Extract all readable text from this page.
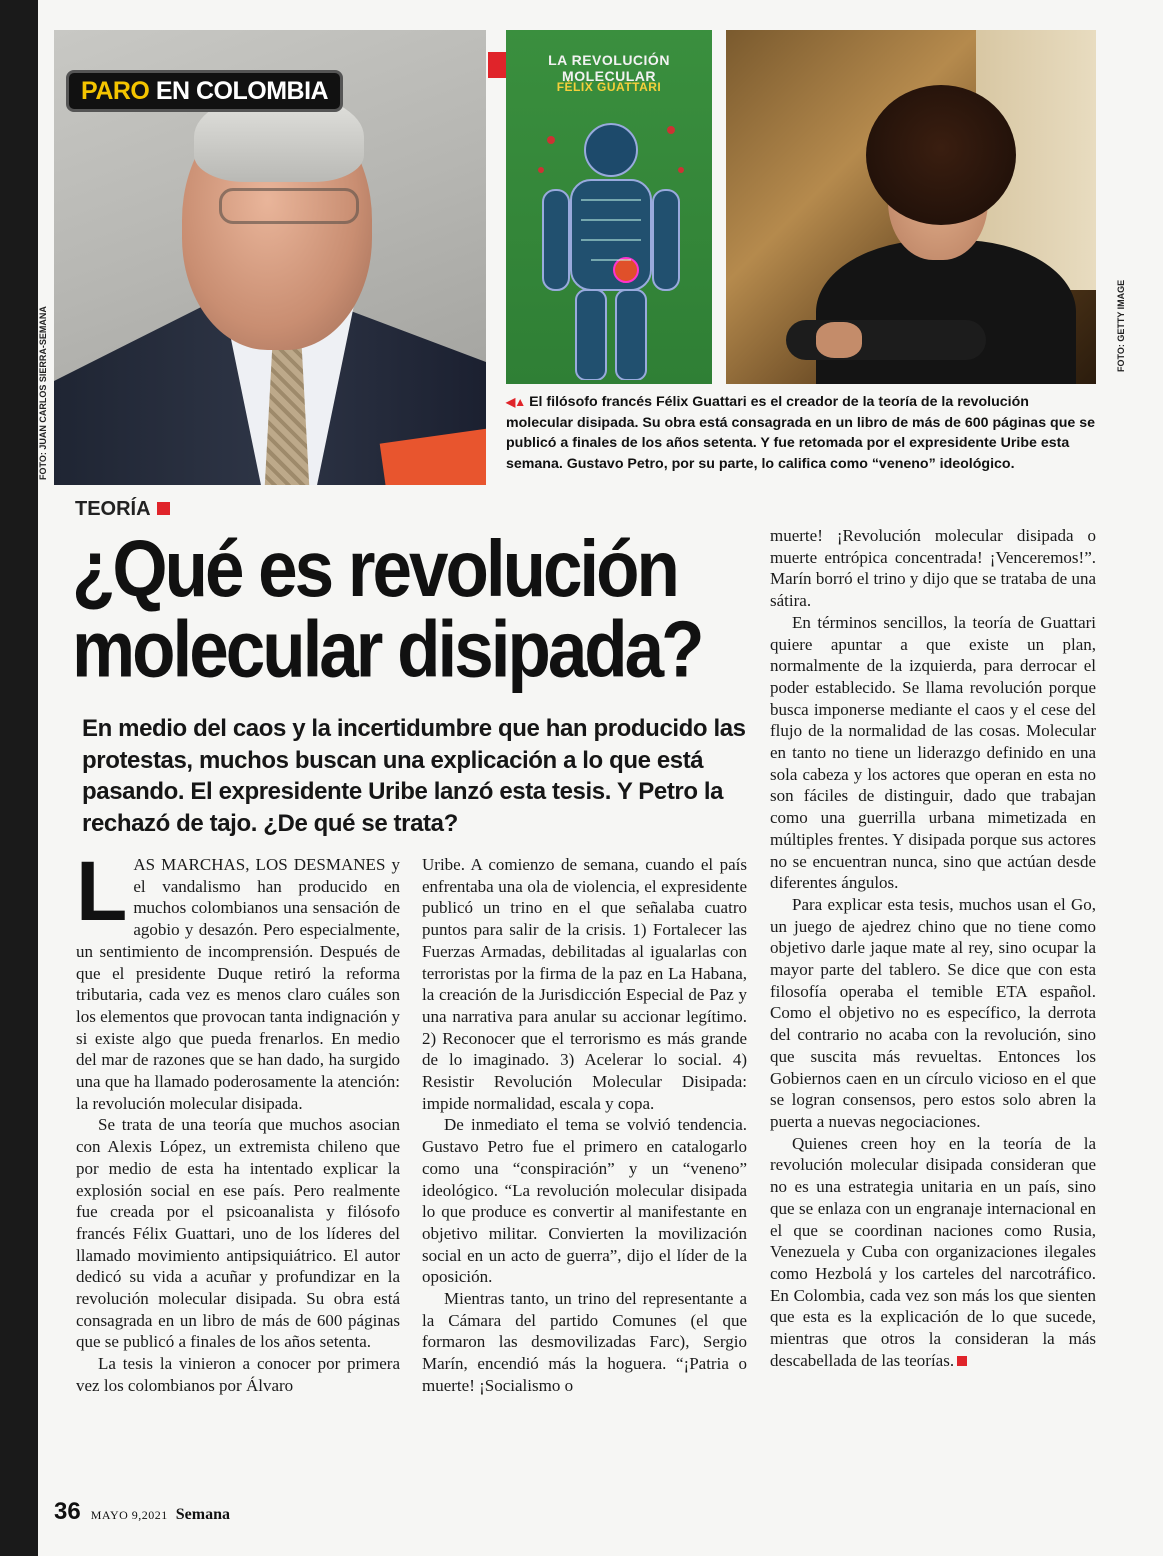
PARO EN COLOMBIA
FOTO: JUAN CARLOS SIERRA-SEMANA
LA REVOLUCIÓN MOLECULAR
FÉLIX GUATTARI
FOTO: GETTY IMAGE
◀▲ El filósofo francés Félix Guattari es el creador de la teoría de la revolución molecular disipada. Su obra está consagrada en un libro de más de 600 páginas que se publicó a finales de los años setenta. Y fue retomada por el expresidente Uribe esta semana. Gustavo Petro, por su parte, lo califica como “veneno” ideológico.
TEORÍA
¿Qué es revolución molecular disipada?
En medio del caos y la incertidumbre que han producido las protestas, muchos buscan una explicación a lo que está pasando. El expresidente Uribe lanzó esta tesis. Y Petro la rechazó de tajo. ¿De qué se trata?

LAS MARCHAS, LOS DESMANES y el vandalismo han producido en muchos colombianos una sensación de agobio y desazón. Pero especialmente, un sentimiento de incomprensión. Después de que el presidente Duque retiró la reforma tributaria, cada vez es menos claro cuáles son los elementos que provocan tanta indignación y si existe algo que pueda frenarlos. En medio del mar de razones que se han dado, ha surgido una que ha llamado poderosamente la atención: la revolución molecular disipada.

Se trata de una teoría que muchos asocian con Alexis López, un extremista chileno que por medio de esta ha intentado explicar la explosión social en ese país. Pero realmente fue creada por el psicoanalista y filósofo francés Félix Guattari, uno de los líderes del llamado movimiento antipsiquiátrico. El autor dedicó su vida a acuñar y profundizar en la revolución molecular disipada. Su obra está consagrada en un libro de más de 600 páginas que se publicó a finales de los años setenta.

La tesis la vinieron a conocer por primera vez los colombianos por Álvaro

Uribe. A comienzo de semana, cuando el país enfrentaba una ola de violencia, el expresidente publicó un trino en el que señalaba cuatro puntos para salir de la crisis. 1) Fortalecer las Fuerzas Armadas, debilitadas al igualarlas con terroristas por la firma de la paz en La Habana, la creación de la Jurisdicción Especial de Paz y una narrativa para anular su accionar legítimo. 2) Reconocer que el terrorismo es más grande de lo imaginado. 3) Acelerar lo social. 4) Resistir Revolución Molecular Disipada: impide normalidad, escala y copa.

De inmediato el tema se volvió tendencia. Gustavo Petro fue el primero en catalogarlo como una “conspiración” y un “veneno” ideológico. “La revolución molecular disipada lo que produce es convertir al manifestante en objetivo militar. Convierten la movilización social en un acto de guerra”, dijo el líder de la oposición.

Mientras tanto, un trino del representante a la Cámara del partido Comunes (el que formaron las desmovilizadas Farc), Sergio Marín, encendió más la hoguera. “¡Patria o muerte! ¡Socialismo o

muerte! ¡Revolución molecular disipada o muerte entrópica concentrada! ¡Venceremos!”. Marín borró el trino y dijo que se trataba de una sátira.

En términos sencillos, la teoría de Guattari quiere apuntar a que existe un plan, normalmente de la izquierda, para derrocar el poder establecido. Se llama revolución porque busca imponerse mediante el caos y el cese del flujo de la normalidad de las cosas. Molecular en tanto no tiene un liderazgo definido en una sola cabeza y los actores que operan en esta no son fáciles de distinguir, dado que trabajan como una guerrilla urbana mimetizada en múltiples frentes. Y disipada porque sus actores no se encuentran nunca, sino que actúan desde diferentes ángulos.

Para explicar esta tesis, muchos usan el Go, un juego de ajedrez chino que no tiene como objetivo darle jaque mate al rey, sino ocupar la mayor parte del tablero. Se dice que con esta filosofía operaba el temible ETA español. Como el objetivo no es específico, la derrota del contrario no acaba con la revolución, sino que suscita más revueltas. Entonces los Gobiernos caen en un círculo vicioso en el que se logran consensos, pero estos solo abren la puerta a nuevas negociaciones.

Quienes creen hoy en la teoría de la revolución molecular disipada consideran que no es una estrategia unitaria en un país, sino que se enlaza con un engranaje internacional en el que se coordinan naciones como Rusia, Venezuela y Cuba con organizaciones ilegales como Hezbolá y los carteles del narcotráfico. En Colombia, cada vez son más los que sienten que esta es la explicación de lo que sucede, mientras que otros la consideran la más descabellada de las teorías.

36 MAYO 9,2021 Semana
